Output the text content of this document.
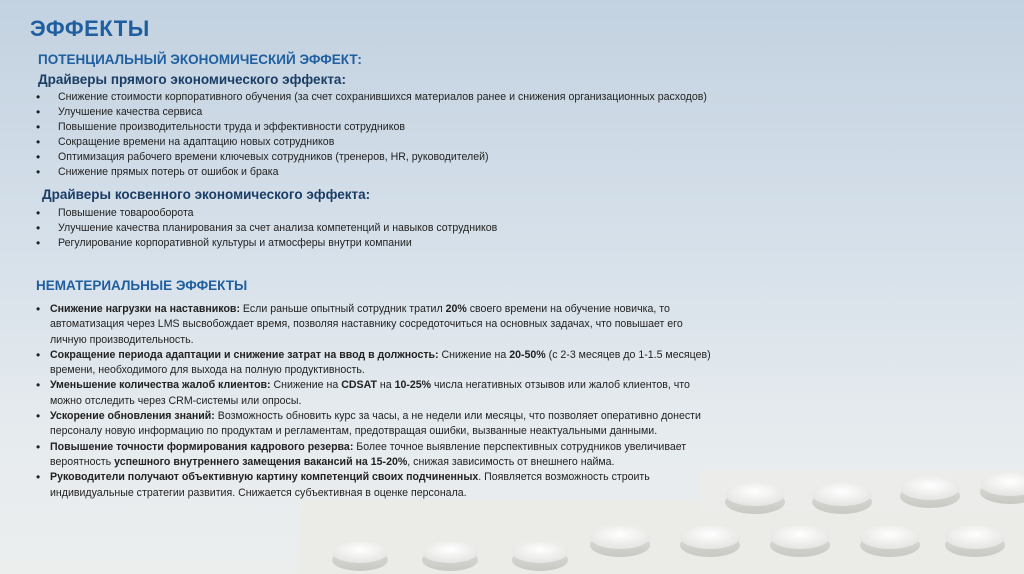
ЭФФЕКТЫ
ПОТЕНЦИАЛЬНЫЙ ЭКОНОМИЧЕСКИЙ ЭФФЕКТ:
Драйверы прямого экономического эффекта:
• Снижение стоимости корпоративного обучения (за счет сохранившихся материалов ранее и снижения организационных расходов)
• Улучшение качества сервиса
• Повышение производительности труда и эффективности сотрудников
• Сокращение времени на адаптацию новых сотрудников
• Оптимизация рабочего времени ключевых сотрудников (тренеров, HR, руководителей)
• Снижение прямых потерь от ошибок и брака
Драйверы косвенного экономического эффекта:
• Повышение товарооборота
• Улучшение качества планирования за счет анализа компетенций и навыков сотрудников
• Регулирование корпоративной культуры и атмосферы внутри компании
НЕМАТЕРИАЛЬНЫЕ ЭФФЕКТЫ
• Снижение нагрузки на наставников: Если раньше опытный сотрудник тратил 20% своего времени на обучение новичка, то автоматизация через LMS высвобождает время, позволяя наставнику сосредоточиться на основных задачах, что повышает его личную производительность.
• Сокращение периода адаптации и снижение затрат на ввод в должность: Снижение на 20-50% (с 2-3 месяцев до 1-1.5 месяцев) времени, необходимого для выхода на полную продуктивность.
• Уменьшение количества жалоб клиентов: Снижение на CDSAT на 10-25% числа негативных отзывов или жалоб клиентов, что можно отследить через CRM-системы или опросы.
• Ускорение обновления знаний: Возможность обновить курс за часы, а не недели или месяцы, что позволяет оперативно донести персоналу новую информацию по продуктам и регламентам, предотвращая ошибки, вызванные неактуальными данными.
• Повышение точности формирования кадрового резерва: Более точное выявление перспективных сотрудников увеличивает вероятность успешного внутреннего замещения вакансий на 15-20%, снижая зависимость от внешнего найма.
• Руководители получают объективную картину компетенций своих подчиненных. Появляется возможность строить индивидуальные стратегии развития. Снижается субъективная в оценке персонала.
